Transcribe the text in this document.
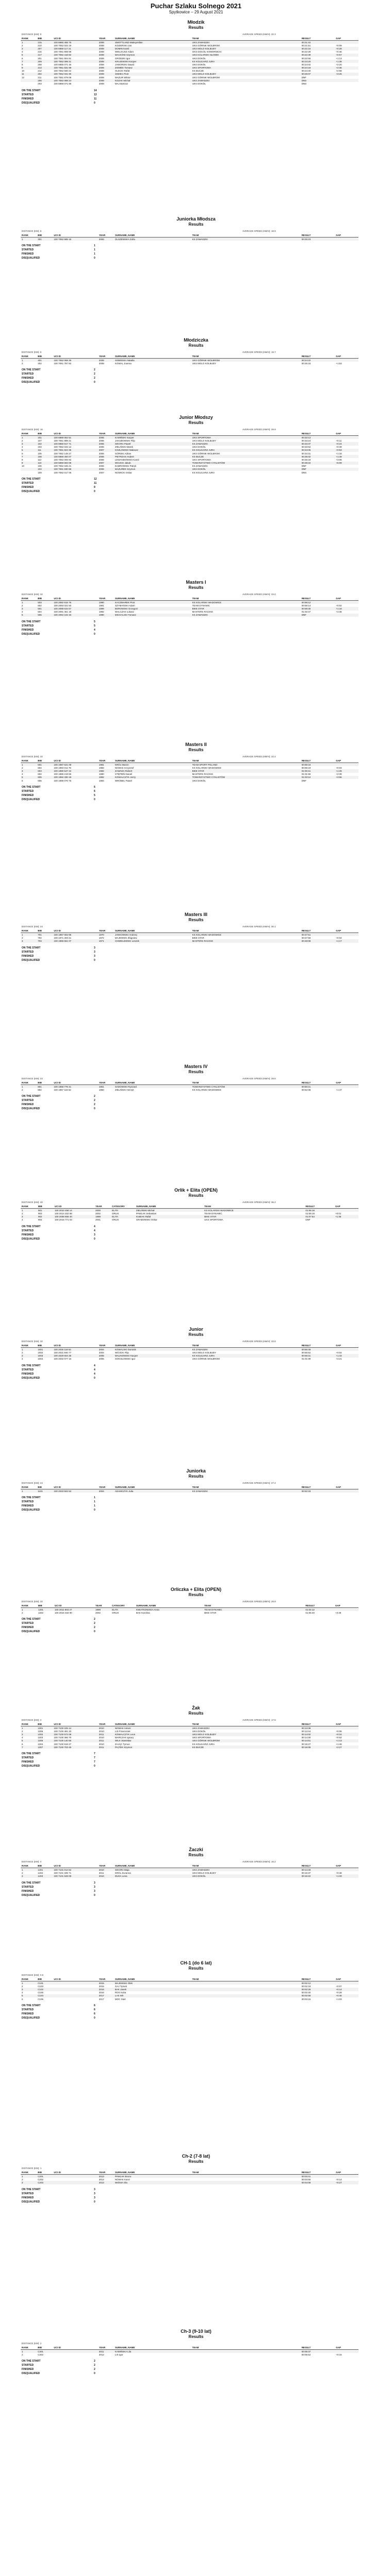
Puchar Szlaku Solnego 2021
Spytkowice – 29 August 2021
Młodzik
Results
DISTANCE (KM): 8	AVERAGE SPEED (KM/H): 22.3
RANK	BIB	UCI ID	YEAR	SURNAME, NAME	TEAM	RESULT	GAP
1	215	100 6960 455 75	2008	SMOTTLAND Maksymilian	UKS ZAWADZKI	00:21:42	
2	210	100 7062 023 19	2008	KOZIERSKI Jan	UKS GÓRNIK WOLBROM	00:21:51	+0:09
3	207	100 6969 117 21	2008	DOMIN Kamil	UKS MOLO KOLBUDY	00:22:10	+0:28
4	216	100 7061 808 98	2008	WIELGUSZ Adam	GKS DOCÓŁ KOMORNICKI	00:22:28	+0:46
5	217	100 7062 418 82	2008	MACKÓW Szymon	UKS KOLARSKI SŁOWIK	00:22:39	+0:57
6	201	100 7061 804 91	2008	GRODZKI Igor	UKS DOKÓŁ	00:22:55	+1:13
7	209	100 7062 099 31	2008	KRAJEWSKI Kacper	KS KOLEJARZ JURA	00:23:20	+1:38
8	208	100 6965 071 46	2008	JAWORSKI Dawid	UKS DOKÓŁ	00:24:02	+2:20
9	213	100 7061 831 98	2009	ZIOMEK Tomasz	UKS SPORTOWA	00:24:18	+2:36
10	212	100 7062 500 22	2008	OLECKI Rafał	KS BUCZE	00:24:40	+2:58
11	202	100 7062 031 90	2009	SIWIEC Piotr	UKS MOLO KOLBUDY	00:25:07	+3:25
12	211	100 7061 879 09	2009	MAZUR Wiktor	UKS GÓRNIK WOLBROM	DNF	
	206	100 7062 088 24	2008	KOZAK Michał	UKS ZAWADZKI	DNS	
	203	100 6969 071 86	2008	MAJ Bartosz	UKS DOKÓŁ	DNS	
ON THE START	14
STARTED	13
FINISHED	11
DISQUALIFIED	0
Juniorka Młodsza
Results
DISTANCE (KM): 8	AVERAGE SPEED (KM/H): 18.9
RANK	BIB	UCI ID	YEAR	SURNAME, NAME	TEAM	RESULT	GAP
1	301	100 7062 585 16	2006	OLSZEWSKA Zofia	KS ZAWADZKI	00:25:23	
ON THE START	1
STARTED	1
FINISHED	1
DISQUALIFIED	0
Młodziczka
Results
DISTANCE (KM): 8	AVERAGE SPEED (KM/H): 19.7
RANK	BIB	UCI ID	YEAR	SURNAME, NAME	TEAM	RESULT	GAP
1	401	100 7062 068 36	2008	SOBIESKA Natalia	UKS GÓRNIK WOLBROM	00:24:22	
2	402	100 7061 787 82	2008	KOWAL Joanna	UKS MOLO KOLBUDY	00:26:15	+1:53
ON THE START	2
STARTED	2
FINISHED	2
DISQUALIFIED	0
Junior Młodszy
Results
DISTANCE (KM): 16	AVERAGE SPEED (KM/H): 28.9
RANK	BIB	UCI ID	YEAR	SURNAME, NAME	TEAM	RESULT	GAP
1	101	100 6969 052 51	2006	KAMIŃSKI Kacper	UKS SPORTOWA	00:33:13	
2	107	100 7061 989 21	2006	JAKUBOWSKI Filip	UKS MOLO KOLBUDY	00:33:24	+0:11
3	102	100 6960 917 71	2006	SIKORA Paweł	KS ZAWADZKI	00:33:37	+0:24
4	103	100 7062 033 12	2006	ZIELIŃSKI Marek	UKS DOKÓŁ	00:33:52	+0:39
5	111	100 7061 823 35	2007	KOZŁOWSKI Mateusz	KS KOLEJARZ JURA	00:34:06	+0:53
6	105	100 7062 148 27	2006	GÓRSKI Adrian	UKS GÓRNIK WOLBROM	00:34:31	+1:18
7	108	100 6969 400 07	2006	PIETRZAK Hubert	KS BUCZE	00:35:02	+1:49
8	112	100 7062 006 92	2006	LEWANDOWSKI Kamil	UKS SPORTOWA	00:36:18	+3:05
9	110	100 6969 593 08	2007	WOJCIK Jakub	TOWARZYSTWO CYKLISTÓW	00:38:22	+5:09
10	106	100 7062 345 21	2006	DĄBROWSKI Patryk	KS ZAWADZKI	DNF	
	104	100 7061 830 86	2006	MAZUREK Szymon	UKS DOKÓŁ	DNF	
	109	100 7062 017 06	2007	NOWICKI Oskar	KS KOLEJARZ JURA	DNS	
ON THE START	12
STARTED	11
FINISHED	9
DISQUALIFIED	0
Masters I
Results
DISTANCE (KM): 32	AVERAGE SPEED (KM/H): 33.0
RANK	BIB	UCI ID	YEAR	SURNAME, NAME	TEAM	RESULT	GAP
1	503	100 2082 915 76	1990	KACZMAREK Piotr	KS KOLARSKI WADOWICE	00:58:12	
2	502	100 2093 022 50	1991	SZYMAŃSKI Adam	TEAM DYNAMIC	00:58:14	+0:02
3	501	100 2088 634 57	1989	BOROWSKI Grzegorz	BIKE STAR	00:59:30	+1:18
4	504	100 2091 451 18	1992	WALCZAK Łukasz	MASTERS RACING	01:02:47	+4:35
5	505	100 2094 102 33	1990	MICHALSKI Tomasz	KS ZAWADZKI	DNF	
ON THE START	5
STARTED	5
FINISHED	4
DISQUALIFIED	0
Masters II
Results
DISTANCE (KM): 32	AVERAGE SPEED (KM/H): 32.4
RANK	BIB	UCI ID	YEAR	SURNAME, NAME	TEAM	RESULT	GAP
1	601	100 1987 641 09	1981	KRÓL Marcin	TEAM SPORT POLAND	00:59:16	
2	604	100 1993 011 76	1983	NOWAK Krzysztof	KS KOLARSKI WADOWICE	00:59:19	+0:03
3	603	100 1990 547 22	1982	ZAWADA Robert	BIKE STAR	01:00:41	+1:25
4	602	100 1985 219 66	1980	STĘPIEŃ Daniel	MASTERS RACING	01:01:55	+2:39
5	605	100 1992 330 18	1982	KOWALCZYK Jerzy	TOWARZYSTWO CYKLISTÓW	01:03:12	+3:56
6	606	100 1995 070 75	1984	WRÓBEL Paweł	UKS DOKÓŁ	DNF	
ON THE START	6
STARTED	6
FINISHED	5
DISQUALIFIED	0
Masters III
Results
DISTANCE (KM): 24	AVERAGE SPEED (KM/H): 30.1
RANK	BIB	UCI ID	YEAR	SURNAME, NAME	TEAM	RESULT	GAP
1	701	100 1967 002 85	1970	JANKOWSKI Andrzej	KS KOLARSKI WADOWICE	00:47:51	
2	702	100 1971 403 21	1972	MAJEWSKI Zbigniew	BIKE STAR	00:47:55	+0:04
3	703	100 1969 551 07	1971	CHMIELEWSKI Leszek	MASTERS RACING	00:49:08	+1:17
ON THE START	3
STARTED	3
FINISHED	3
DISQUALIFIED	0
Masters IV
Results
DISTANCE (KM): 24	AVERAGE SPEED (KM/H): 28.6
RANK	BIB	UCI ID	YEAR	SURNAME, NAME	TEAM	RESULT	GAP
1	801	100 1958 776 41	1961	SADOWSKI Ryszard	TOWARZYSTWO CYKLISTÓW	00:50:21	
2	802	100 1957 115 62	1960	ZIELIŃSKI Henryk	KS KOLARSKI WADOWICE	00:52:08	+1:47
ON THE START	2
STARTED	2
FINISHED	2
DISQUALIFIED	0
Orlik + Elita (OPEN)
Results
DISTANCE (KM): 40	AVERAGE SPEED (KM/H): 36.2
RANK	BIB	UCI ID	YEAR	CATEGORY	SURNAME, NAME	TEAM	RESULT	GAP
1	901	100 2010 458 14	2000	ELITA	ZIELIŃSKI Michał	KS KOLARSKI WADOWICE	01:06:18	
2	903	100 2014 202 89	2002	ORLIK	PAWLAK Sebastian	TEAM DYNAMIC	01:06:19	+0:01
3	902	100 2008 655 40	1998	ELITA	KUBIAK Rafał	BIKE STAR	01:07:54	+1:36
4	904	100 2015 771 03	2001	ORLIK	GRABOWSKI Oskar	UKS SPORTOWA	DNF	
ON THE START	4
STARTED	4
FINISHED	3
DISQUALIFIED	0
Junior
Results
DISTANCE (KM): 32	AVERAGE SPEED (KM/H): 33.8
RANK	BIB	UCI ID	YEAR	SURNAME, NAME	TEAM	RESULT	GAP
1	1001	100 2030 118 52	2004	KOWALSKI Dominik	KS ZAWADZKI	00:56:48	
2	1002	100 2031 940 77	2004	WÓJCIK Filip	UKS MOLO KOLBUDY	00:56:52	+0:04
3	1003	100 2029 604 35	2005	MALINOWSKI Kacper	KS KOLEJARZ JURA	00:58:31	+1:43
4	1004	100 2032 077 16	2005	SOKOŁOWSKI Igor	UKS GÓRNIK WOLBROM	01:01:09	+4:21
ON THE START	4
STARTED	4
FINISHED	4
DISQUALIFIED	0
Juniorka
Results
DISTANCE (KM): 24	AVERAGE SPEED (KM/H): 27.4
RANK	BIB	UCI ID	YEAR	SURNAME, NAME	TEAM	RESULT	GAP
1	1101	100 2033 502 63	2004	ADAMCZYK Julia	KS ZAWADZKI	00:52:33	
ON THE START	1
STARTED	1
FINISHED	1
DISQUALIFIED	0
Orliczka + Elita (OPEN)
Results
DISTANCE (KM): 32	AVERAGE SPEED (KM/H): 29.9
RANK	BIB	UCI ID	YEAR	CATEGORY	SURNAME, NAME	TEAM	RESULT	GAP
1	1201	100 2011 803 27	1999	ELITA	KWIATKOWSKA Anna	TEAM DYNAMIC	01:04:12	
2	1202	100 2016 334 90	2002	ORLIK	BAK Karolina	BIKE STAR	01:06:40	+2:28
ON THE START	2
STARTED	2
FINISHED	2
DISQUALIFIED	0
Żak
Results
DISTANCE (KM): 4	AVERAGE SPEED (KM/H): 17.6
RANK	BIB	UCI ID	YEAR	SURNAME, NAME	TEAM	RESULT	GAP
1	1301	100 7100 225 14	2010	NOWAK Antoni	UKS ZAWADZKI	00:13:38	
2	1306	100 7100 481 33	2010	LIS Franciszek	UKS DOKÓŁ	00:13:44	+0:06
3	1302	100 7100 572 08	2011	KOWALCZYK Leon	UKS MOLO KOLBUDY	00:14:02	+0:24
4	1303	100 7100 366 70	2010	MARCZAK Ignacy	UKS SPORTOWA	00:14:30	+0:52
5	1305	100 7100 140 56	2011	WILK Stanisław	UKS GÓRNIK WOLBROM	00:14:51	+1:13
6	1304	100 7100 918 27	2010	ZAJĄC Tymon	KS KOLEJARZ JURA	00:15:27	+1:49
7	1307	100 7100 703 45	2011	PIĄTEK Szymon	KS BUCZE	00:16:05	+2:27
ON THE START	7
STARTED	7
FINISHED	7
DISQUALIFIED	0
Żaczki
Results
DISTANCE (KM): 4	AVERAGE SPEED (KM/H): 16.2
RANK	BIB	UCI ID	YEAR	SURNAME, NAME	TEAM	RESULT	GAP
1	1401	100 7101 014 52	2010	SIKORA Maja	UKS ZAWADZKI	00:14:49	
2	1402	100 7101 339 71	2011	KRÓL Zuzanna	UKS MOLO KOLBUDY	00:15:37	+0:48
3	1403	100 7101 628 09	2010	DUDA Lena	UKS DOKÓŁ	00:16:22	+1:33
ON THE START	3
STARTED	3
FINISHED	3
DISQUALIFIED	0
CH-1 (do 6 lat)
Results
DISTANCE (KM): 0.5
RANK	BIB	UCI ID	YEAR	SURNAME, NAME	TEAM	RESULT	GAP
1	C101		2015	MAJEWSKI Olek		00:02:12	
2	C103		2015	GAJ Tymek		00:02:19	+0:07
3	C102		2016	BAK Janek		00:02:26	+0:14
4	C105		2016	ROS Kuba		00:02:40	+0:28
5	C104		2017	LAS Wit		00:02:58	+0:46
6	C106		2017	MOC Staś		00:03:15	+1:03
ON THE START	6
STARTED	6
FINISHED	6
DISQUALIFIED	0
Ch-2 (7-8 lat)
Results
DISTANCE (KM): 1
RANK	BIB	UCI ID	YEAR	SURNAME, NAME	TEAM	RESULT	GAP
1	C201		2013	PAWLAK Bruno		00:03:41	
2	C202		2014	NOWAK Karol		00:03:55	+0:14
3	C203		2013	WIŚNIA Ola		00:04:08	+0:27
ON THE START	3
STARTED	3
FINISHED	3
DISQUALIFIED	0
Ch-3 (9-10 lat)
Results
DISTANCE (KM): 2
RANK	BIB	UCI ID	YEAR	SURNAME, NAME	TEAM	RESULT	GAP
1	C301		2011	KAMIŃSKA Lila		00:06:37	
2	C302		2012	LIS Igor		00:06:52	+0:15
ON THE START	2
STARTED	2
FINISHED	2
DISQUALIFIED	0
